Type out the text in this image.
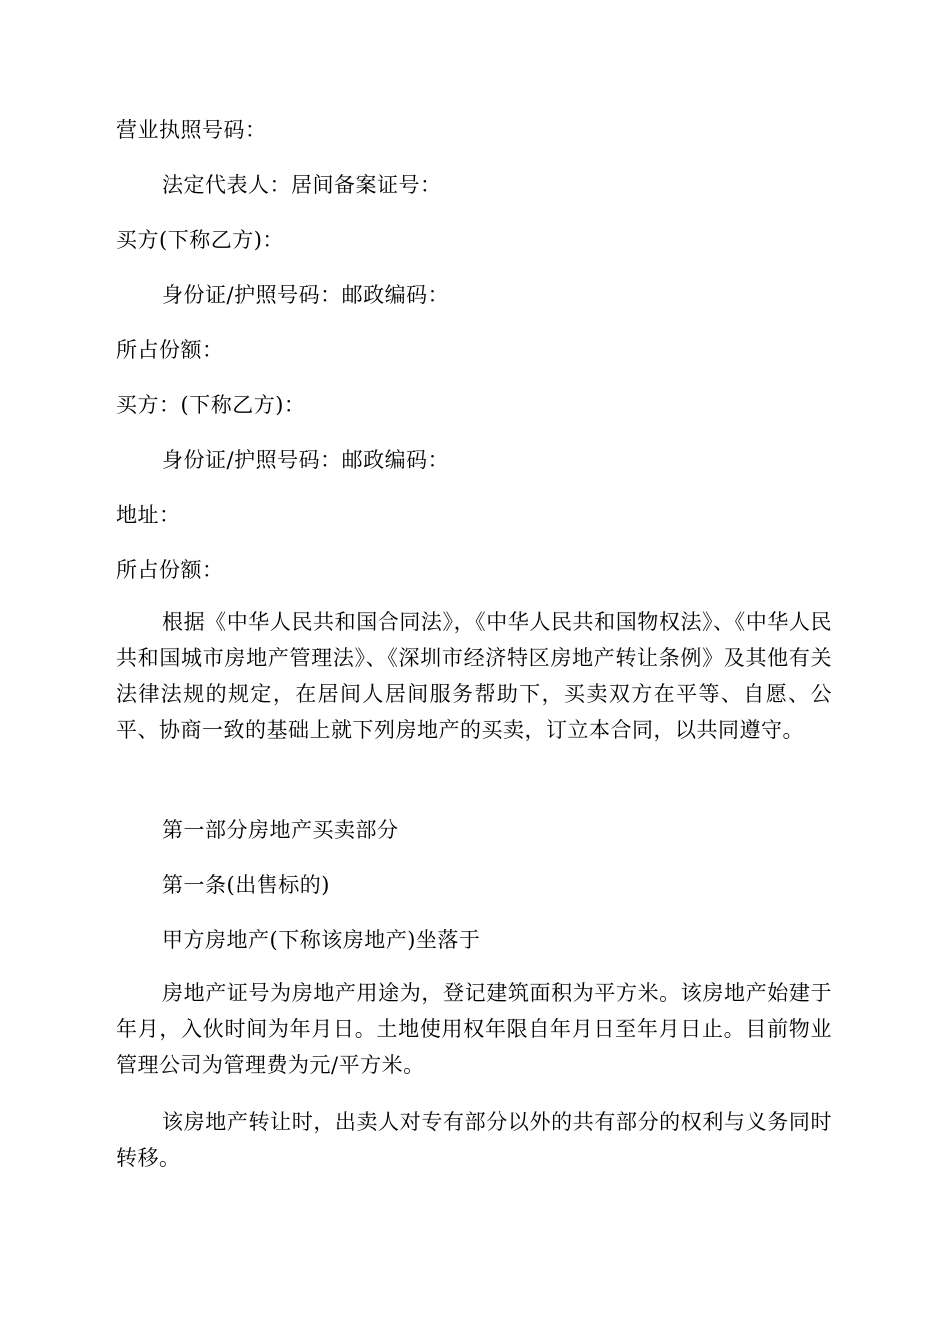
营业执照号码：
法定代表人：居间备案证号：
买方(下称乙方)：
身份证/护照号码：邮政编码：
所占份额：
买方：(下称乙方)：
身份证/护照号码：邮政编码：
地址：
所占份额：
根据《中华人民共和国合同法》，《中华人民共和国物权法》、《中华人民共和国城市房地产管理法》、《深圳市经济特区房地产转让条例》及其他有关法律法规的规定，在居间人居间服务帮助下，买卖双方在平等、自愿、公平、协商一致的基础上就下列房地产的买卖，订立本合同，以共同遵守。
第一部分房地产买卖部分
第一条(出售标的)
甲方房地产(下称该房地产)坐落于
房地产证号为房地产用途为，登记建筑面积为平方米。该房地产始建于年月，入伙时间为年月日。土地使用权年限自年月日至年月日止。目前物业管理公司为管理费为元/平方米。
该房地产转让时，出卖人对专有部分以外的共有部分的权利与义务同时转移。
